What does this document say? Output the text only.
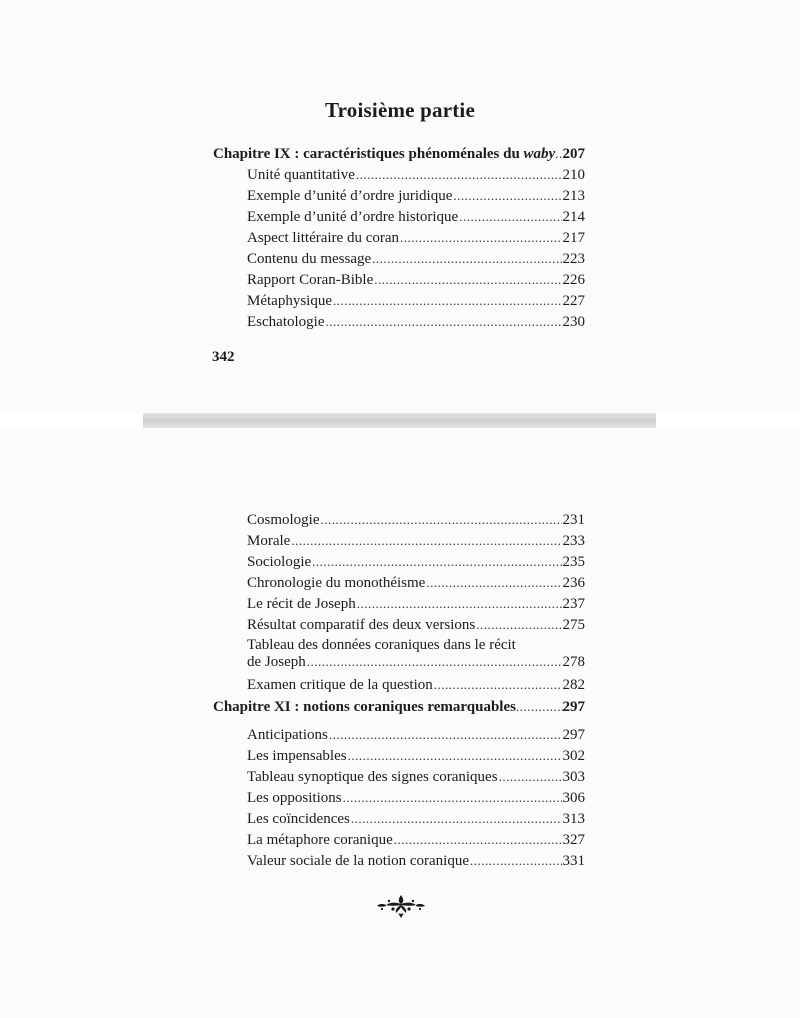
Troisième partie
Chapitre IX : caractéristiques phénoménales du waby ..... 207
Unité quantitative .....	210
Exemple d’unité d’ordre juridique .....	213
Exemple d’unité d’ordre historique .....	214
Aspect littéraire du coran .....	217
Contenu du message .....	223
Rapport Coran-Bible .....	226
Métaphysique .....	227
Eschatologie .....	230
342
Cosmologie .....	231
Morale .....	233
Sociologie .....	235
Chronologie du monothéisme .....	236
Le récit de Joseph .....	237
Résultat comparatif des deux versions .....	275
Tableau des données coraniques dans le récit
de Joseph .....	278
Examen critique de la question .....	282
Chapitre XI : notions coraniques remarquables .....	297
Anticipations .....	297
Les impensables .....	302
Tableau synoptique des signes coraniques .....	303
Les oppositions .....	306
Les coïncidences .....	313
La métaphore coranique .....	327
Valeur sociale de la notion coranique .....	331
